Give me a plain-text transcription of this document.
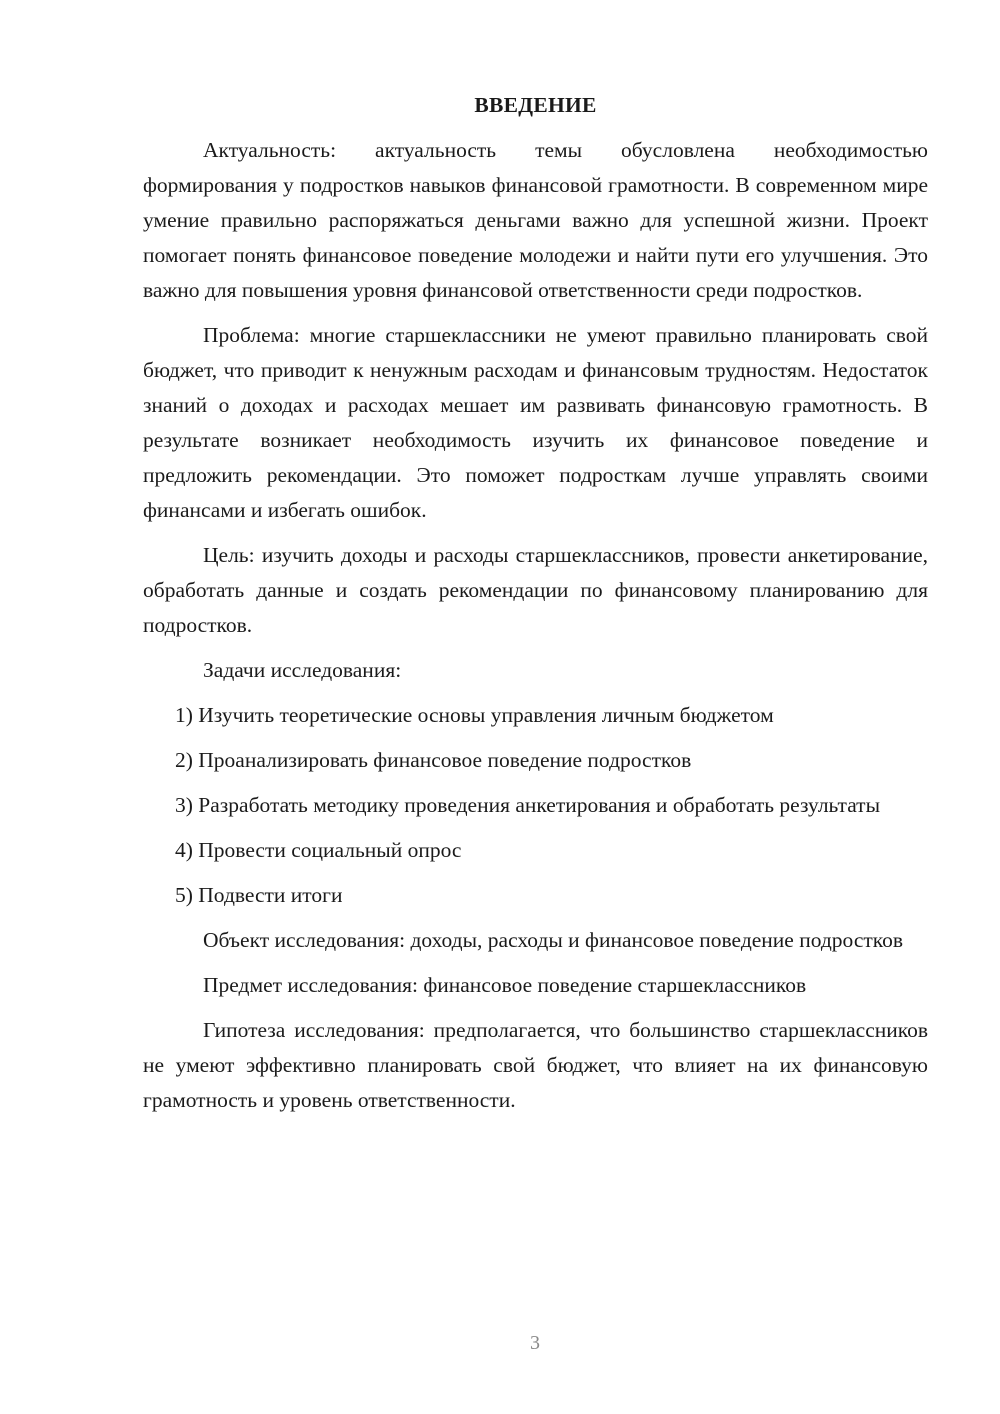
ВВЕДЕНИЕ

Актуальность: актуальность темы обусловлена необходимостью формирования у подростков навыков финансовой грамотности. В современном мире умение правильно распоряжаться деньгами важно для успешной жизни. Проект помогает понять финансовое поведение молодежи и найти пути его улучшения. Это важно для повышения уровня финансовой ответственности среди подростков.

Проблема: многие старшеклассники не умеют правильно планировать свой бюджет, что приводит к ненужным расходам и финансовым трудностям. Недостаток знаний о доходах и расходах мешает им развивать финансовую грамотность. В результате возникает необходимость изучить их финансовое поведение и предложить рекомендации. Это поможет подросткам лучше управлять своими финансами и избегать ошибок.

Цель: изучить доходы и расходы старшеклассников, провести анкетирование, обработать данные и создать рекомендации по финансовому планированию для подростков.

Задачи исследования:

1) Изучить теоретические основы управления личным бюджетом

2) Проанализировать финансовое поведение подростков

3) Разработать методику проведения анкетирования и обработать результаты

4) Провести социальный опрос

5) Подвести итоги

Объект исследования: доходы, расходы и финансовое поведение подростков

Предмет исследования: финансовое поведение старшеклассников

Гипотеза исследования: предполагается, что большинство старшеклассников не умеют эффективно планировать свой бюджет, что влияет на их финансовую грамотность и уровень ответственности.

3
